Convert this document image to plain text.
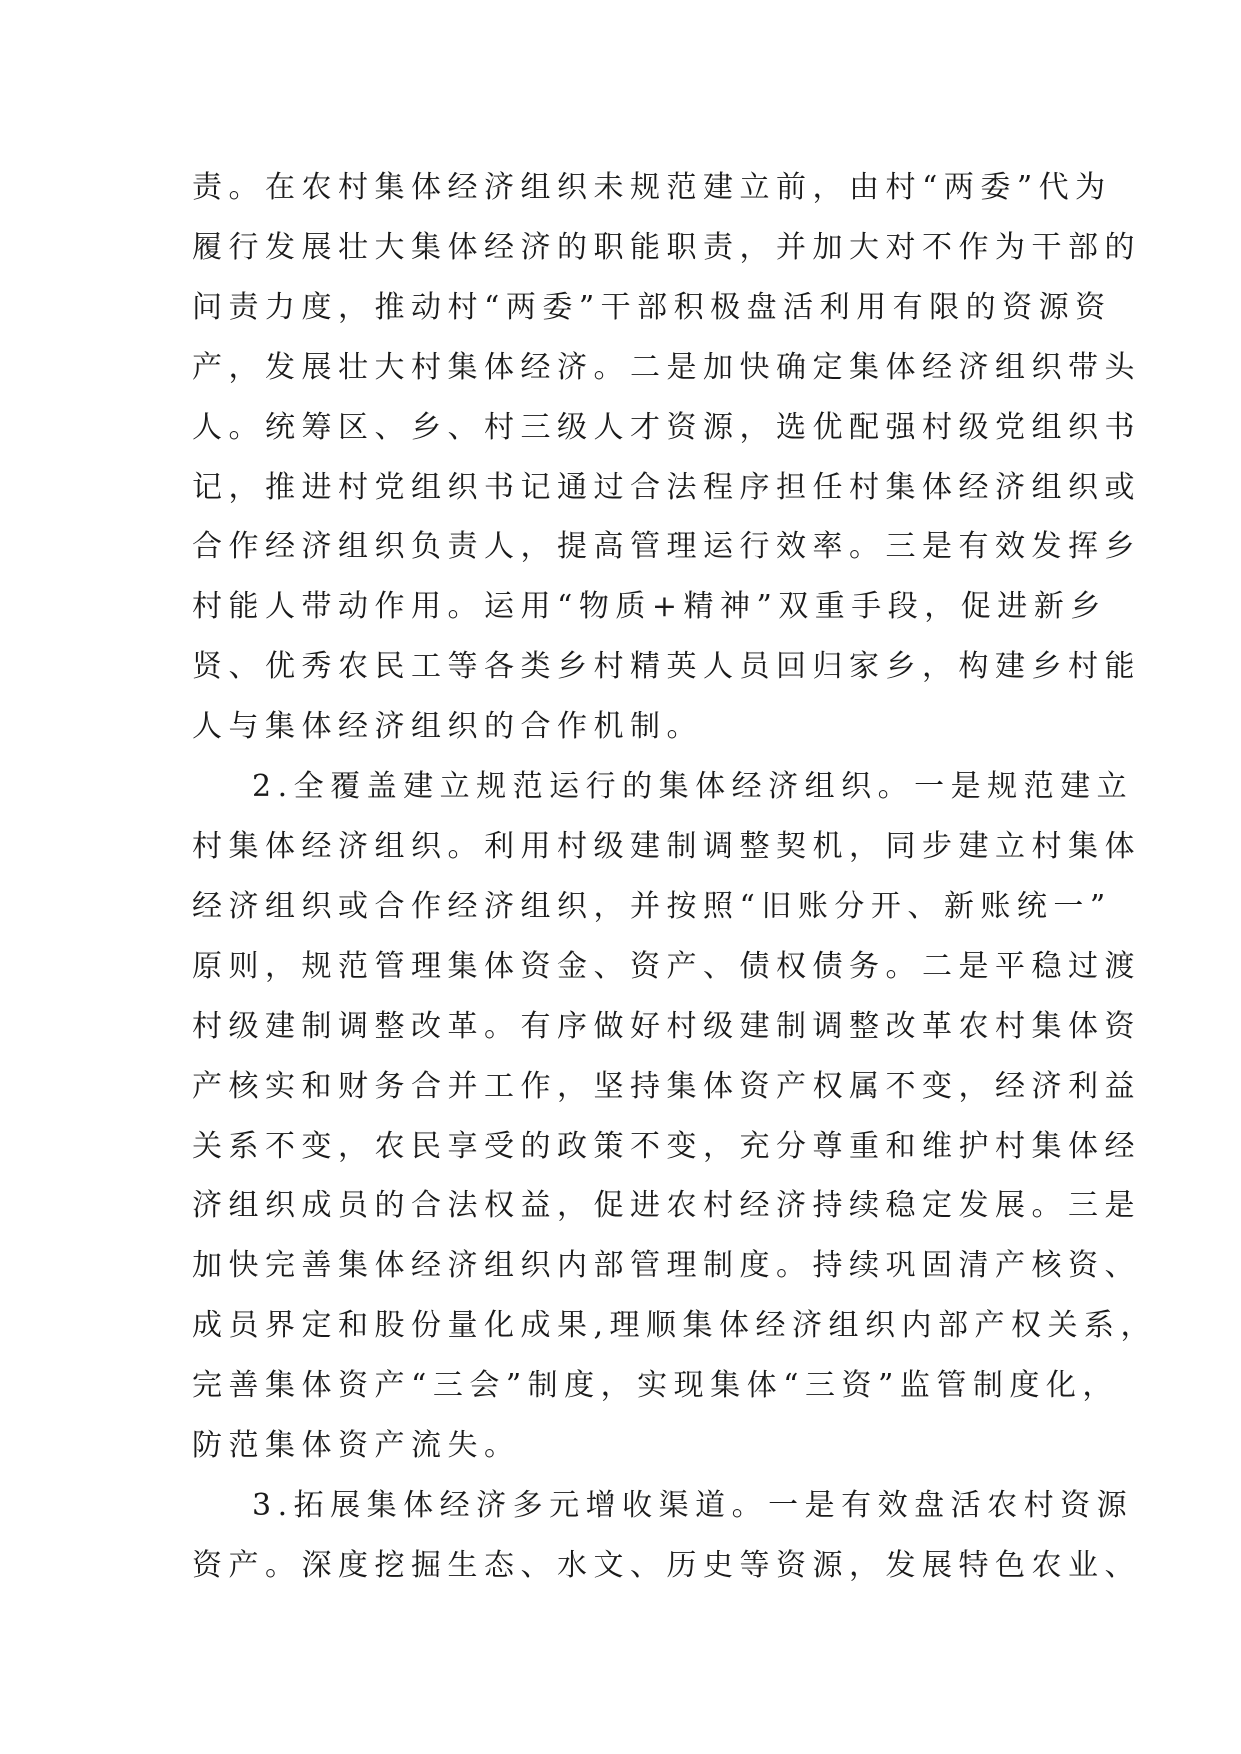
责。在农村集体经济组织未规范建立前，由村“两委”代为
履行发展壮大集体经济的职能职责，并加大对不作为干部的
问责力度，推动村“两委”干部积极盘活利用有限的资源资
产，发展壮大村集体经济。二是加快确定集体经济组织带头
人。统筹区、乡、村三级人才资源，选优配强村级党组织书
记，推进村党组织书记通过合法程序担任村集体经济组织或
合作经济组织负责人，提高管理运行效率。三是有效发挥乡
村能人带动作用。运用“物质+精神”双重手段，促进新乡
贤、优秀农民工等各类乡村精英人员回归家乡，构建乡村能
人与集体经济组织的合作机制。
2.全覆盖建立规范运行的集体经济组织。一是规范建立
村集体经济组织。利用村级建制调整契机，同步建立村集体
经济组织或合作经济组织，并按照“旧账分开、新账统一”
原则，规范管理集体资金、资产、债权债务。二是平稳过渡
村级建制调整改革。有序做好村级建制调整改革农村集体资
产核实和财务合并工作，坚持集体资产权属不变，经济利益
关系不变，农民享受的政策不变，充分尊重和维护村集体经
济组织成员的合法权益，促进农村经济持续稳定发展。三是
加快完善集体经济组织内部管理制度。持续巩固清产核资、
成员界定和股份量化成果,理顺集体经济组织内部产权关系，
完善集体资产“三会”制度，实现集体“三资”监管制度化，
防范集体资产流失。
3.拓展集体经济多元增收渠道。一是有效盘活农村资源
资产。深度挖掘生态、水文、历史等资源，发展特色农业、
